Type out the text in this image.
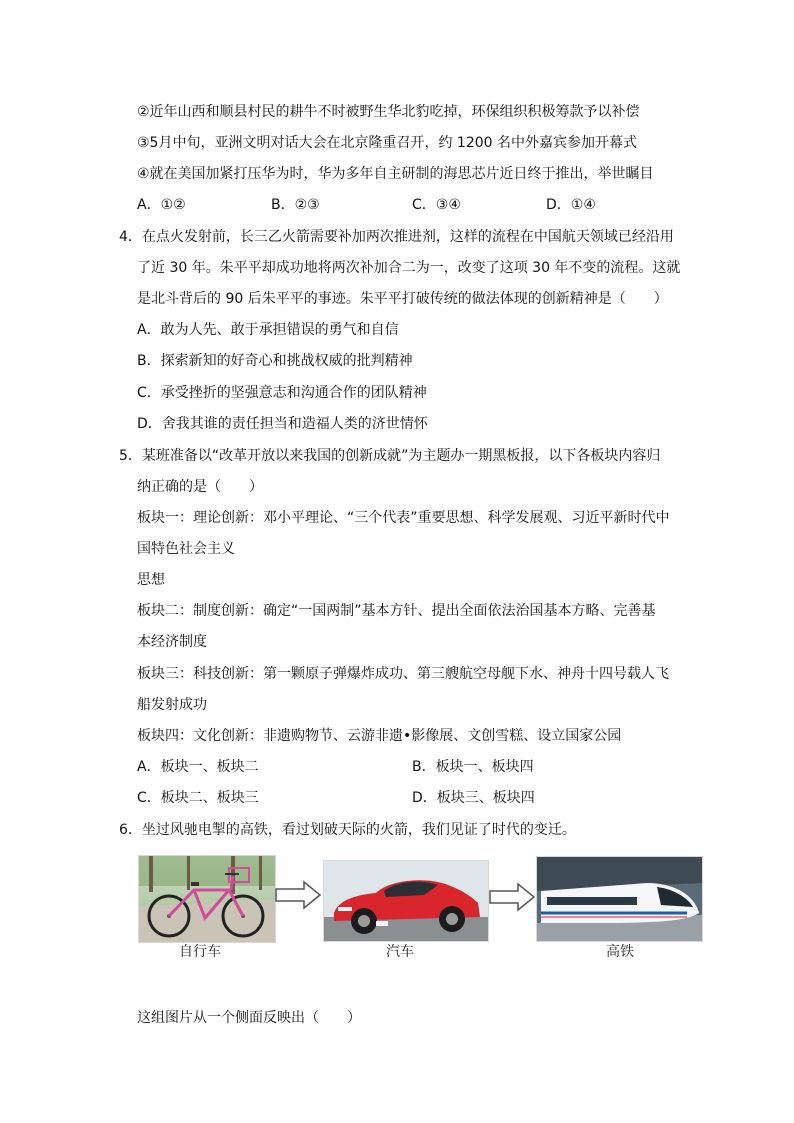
②近年山西和顺县村民的耕牛不时被野生华北豹吃掉，环保组织积极筹款予以补偿
③5月中旬，亚洲文明对话大会在北京隆重召开，约 1200 名中外嘉宾参加开幕式
④就在美国加紧打压华为时，华为多年自主研制的海思芯片近日终于推出，举世瞩目
A．①②	B．②③	C．③④	D．①④
4．在点火发射前，长三乙火箭需要补加两次推进剂，这样的流程在中国航天领域已经沿用
了近 30 年。朱平平却成功地将两次补加合二为一，改变了这项 30 年不变的流程。这就
是北斗背后的 90 后朱平平的事迹。朱平平打破传统的做法体现的创新精神是（　　）
A．敢为人先、敢于承担错误的勇气和自信
B．探索新知的好奇心和挑战权威的批判精神
C．承受挫折的坚强意志和沟通合作的团队精神
D．舍我其谁的责任担当和造福人类的济世情怀
5．某班准备以“改革开放以来我国的创新成就”为主题办一期黑板报，以下各板块内容归
纳正确的是（　　）
板块一：理论创新：邓小平理论、“三个代表”重要思想、科学发展观、习近平新时代中
国特色社会主义
思想
板块二：制度创新：确定“一国两制”基本方针、提出全面依法治国基本方略、完善基
本经济制度
板块三：科技创新：第一颗原子弹爆炸成功、第三艘航空母舰下水、神舟十四号载人飞
船发射成功
板块四：文化创新：非遗购物节、云游非遗•影像展、文创雪糕、设立国家公园
A．板块一、板块二	B．板块一、板块四
C．板块二、板块三	D．板块三、板块四
6．坐过风驰电掣的高铁，看过划破天际的火箭，我们见证了时代的变迁。
自行车	汽车	高铁
这组图片从一个侧面反映出（　　）
